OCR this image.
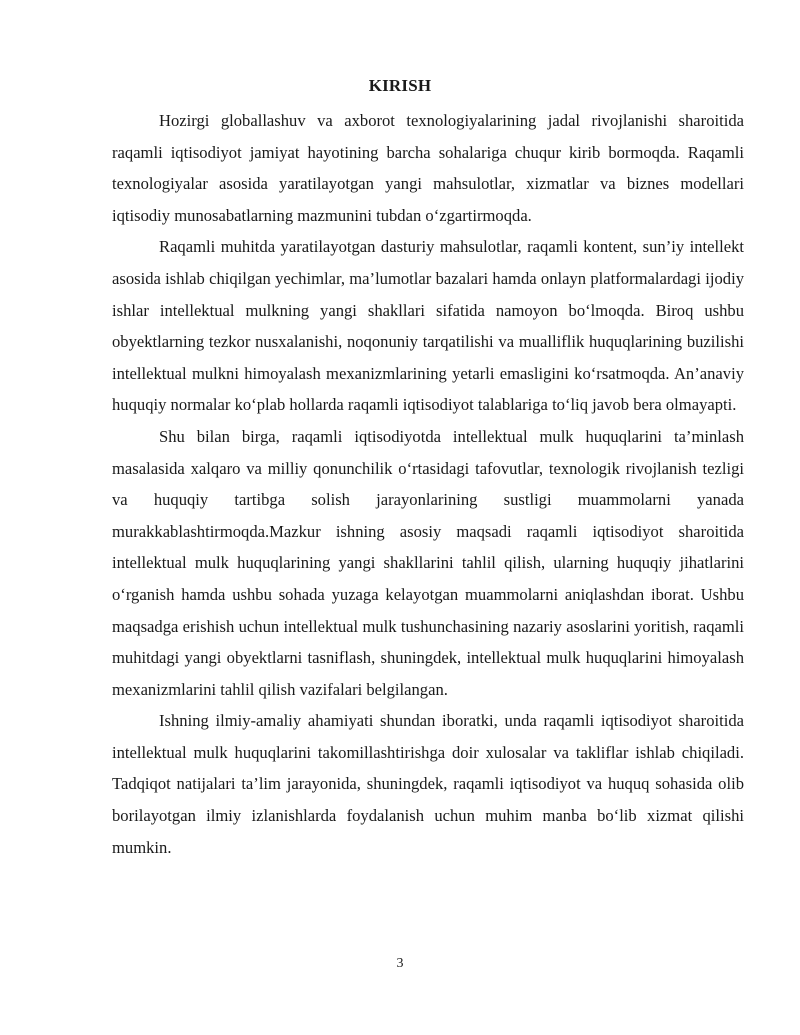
KIRISH

Hozirgi globallashuv va axborot texnologiyalarining jadal rivojlanishi sharoitida raqamli iqtisodiyot jamiyat hayotining barcha sohalariga chuqur kirib bormoqda. Raqamli texnologiyalar asosida yaratilayotgan yangi mahsulotlar, xizmatlar va biznes modellari iqtisodiy munosabatlarning mazmunini tubdan o‘zgartirmoqda.

Raqamli muhitda yaratilayotgan dasturiy mahsulotlar, raqamli kontent, sun’iy intellekt asosida ishlab chiqilgan yechimlar, ma’lumotlar bazalari hamda onlayn platformalardagi ijodiy ishlar intellektual mulkning yangi shakllari sifatida namoyon bo‘lmoqda. Biroq ushbu obyektlarning tezkor nusxalanishi, noqonuniy tarqatilishi va mualliflik huquqlarining buzilishi intellektual mulkni himoyalash mexanizmlarining yetarli emasligini ko‘rsatmoqda. An’anaviy huquqiy normalar ko‘plab hollarda raqamli iqtisodiyot talablariga to‘liq javob bera olmayapti.

Shu bilan birga, raqamli iqtisodiyotda intellektual mulk huquqlarini ta’minlash masalasida xalqaro va milliy qonunchilik o‘rtasidagi tafovutlar, texnologik rivojlanish tezligi va huquqiy tartibga solish jarayonlarining sustligi muammolarni yanada murakkablashtirmoqda.Mazkur ishning asosiy maqsadi raqamli iqtisodiyot sharoitida intellektual mulk huquqlarining yangi shakllarini tahlil qilish, ularning huquqiy jihatlarini o‘rganish hamda ushbu sohada yuzaga kelayotgan muammolarni aniqlashdan iborat. Ushbu maqsadga erishish uchun intellektual mulk tushunchasining nazariy asoslarini yoritish, raqamli muhitdagi yangi obyektlarni tasniflash, shuningdek, intellektual mulk huquqlarini himoyalash mexanizmlarini tahlil qilish vazifalari belgilangan.

Ishning ilmiy-amaliy ahamiyati shundan iboratki, unda raqamli iqtisodiyot sharoitida intellektual mulk huquqlarini takomillashtirishga doir xulosalar va takliflar ishlab chiqiladi. Tadqiqot natijalari ta’lim jarayonida, shuningdek, raqamli iqtisodiyot va huquq sohasida olib borilayotgan ilmiy izlanishlarda foydalanish uchun muhim manba bo‘lib xizmat qilishi mumkin.

3
